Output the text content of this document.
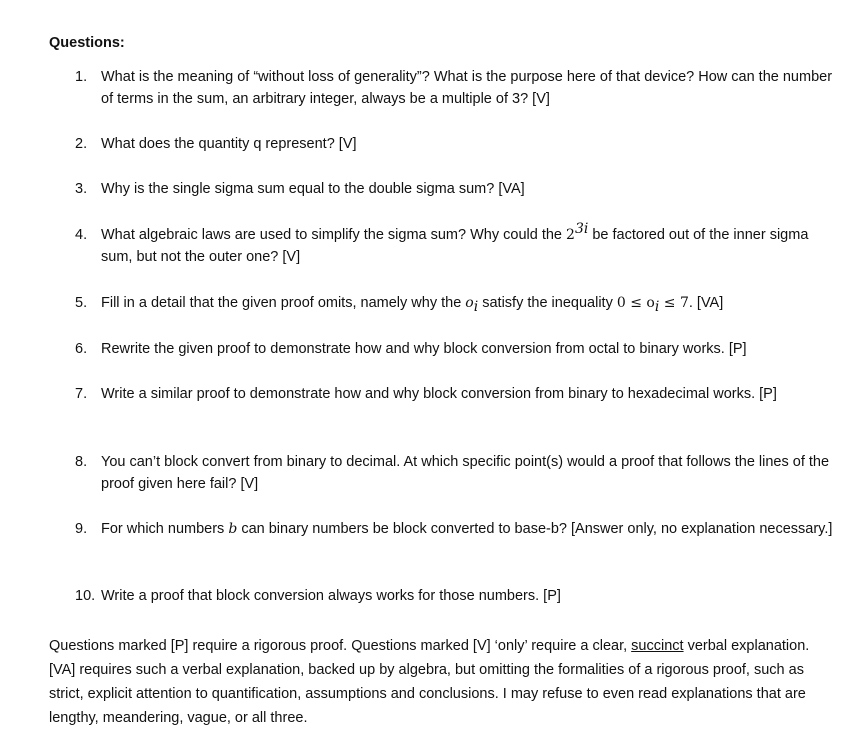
Questions:
1. What is the meaning of “without loss of generality”? What is the purpose here of that device? How can the number of terms in the sum, an arbitrary integer, always be a multiple of 3? [V]
2. What does the quantity q represent? [V]
3. Why is the single sigma sum equal to the double sigma sum? [VA]
4. What algebraic laws are used to simplify the sigma sum? Why could the $2^{3i}$ be factored out of the inner sigma sum, but not the outer one? [V]
5. Fill in a detail that the given proof omits, namely why the $o_i$ satisfy the inequality $0 \le o_i \le 7$. [VA]
6. Rewrite the given proof to demonstrate how and why block conversion from octal to binary works. [P]
7. Write a similar proof to demonstrate how and why block conversion from binary to hexadecimal works. [P]
8. You can’t block convert from binary to decimal. At which specific point(s) would a proof that follows the lines of the proof given here fail? [V]
9. For which numbers b can binary numbers be block converted to base-b? [Answer only, no explanation necessary.]
10. Write a proof that block conversion always works for those numbers. [P]
Questions marked [P] require a rigorous proof. Questions marked [V] ‘only’ require a clear, succinct verbal explanation. [VA] requires such a verbal explanation, backed up by algebra, but omitting the formalities of a rigorous proof, such as strict, explicit attention to quantification, assumptions and conclusions. I may refuse to even read explanations that are lengthy, meandering, vague, or all three.
